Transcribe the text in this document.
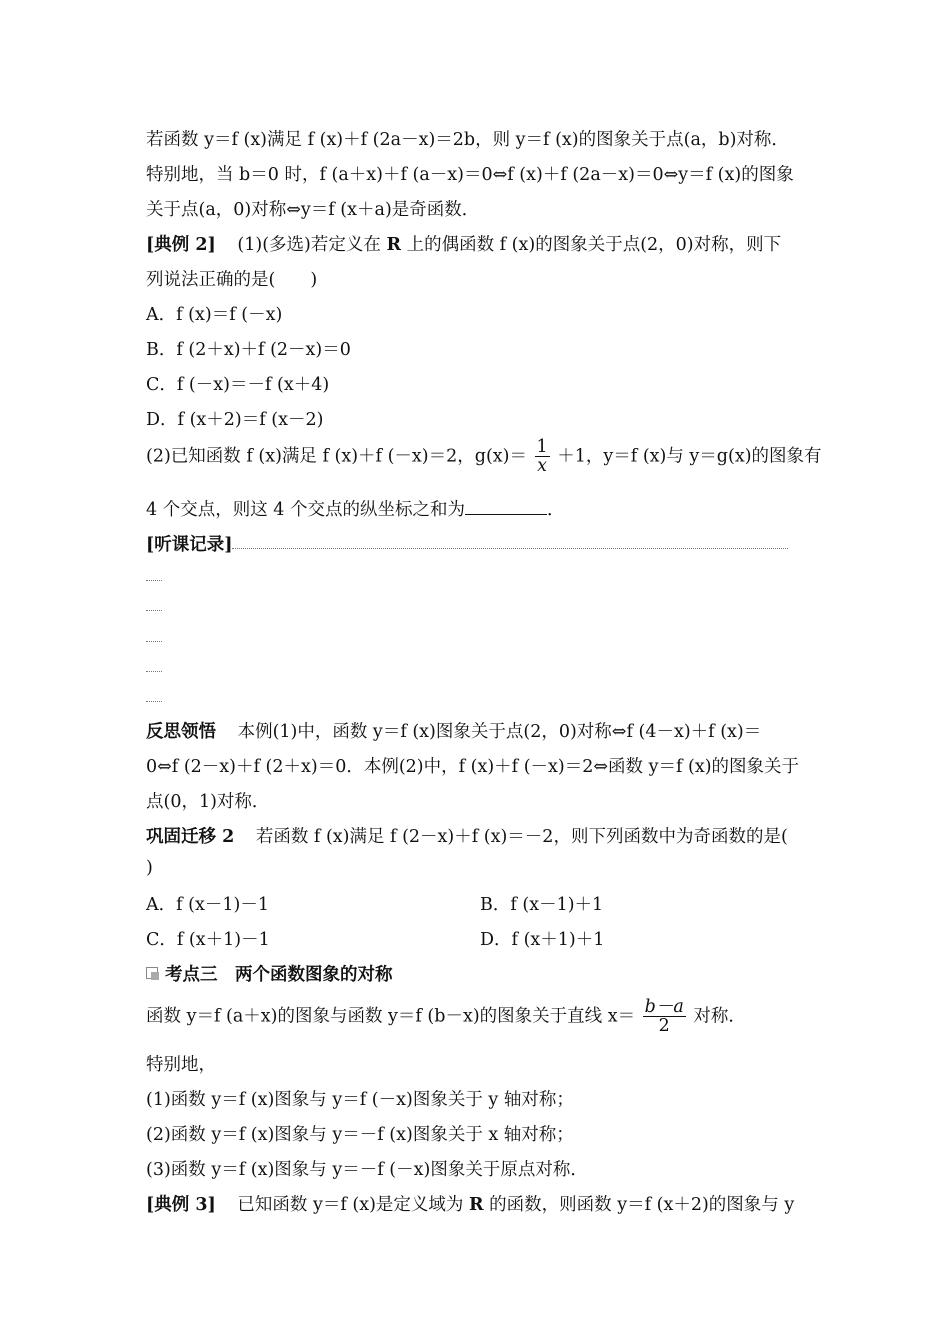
若函数 y＝f (x)满足 f (x)＋f (2a－x)＝2b，则 y＝f (x)的图象关于点(a，b)对称．
特别地，当 b＝0 时，f (a＋x)＋f (a－x)＝0⇔f (x)＋f (2a－x)＝0⇔y＝f (x)的图象
关于点(a，0)对称⇔y＝f (x＋a)是奇函数．
[典例 2] (1)(多选)若定义在 R 上的偶函数 f (x)的图象关于点(2，0)对称，则下
列说法正确的是(　　)
A．f (x)＝f (－x)
B．f (2＋x)＋f (2－x)＝0
C．f (－x)＝－f (x＋4)
D．f (x＋2)＝f (x－2)
(2)已知函数 f (x)满足 f (x)＋f (－x)＝2，$g(x)= \frac{1}{x} +1$，y＝f (x)与 y＝g(x)的图象有
4 个交点，则这 4 个交点的纵坐标之和为	．
[听课记录]
反思领悟 本例(1)中，函数 y＝f (x)图象关于点(2，0)对称⇔f (4－x)＋f (x)＝
0⇔f (2－x)＋f (2＋x)＝0．本例(2)中，f (x)＋f (－x)＝2⇔函数 y＝f (x)的图象关于
点(0，1)对称．
巩固迁移 2 若函数 f (x)满足 f (2－x)＋f (x)＝－2，则下列函数中为奇函数的是(
)
A．f (x－1)－1	B．f (x－1)＋1
C．f (x＋1)－1	D．f (x＋1)＋1
考点三　两个函数图象的对称
函数 y＝f (a＋x)的图象与函数 y＝f (b－x)的图象关于直线 $x= \frac{b-a}{2}$ 对称．
特别地，
(1)函数 y＝f (x)图象与 y＝f (－x)图象关于 y 轴对称；
(2)函数 y＝f (x)图象与 y＝－f (x)图象关于 x 轴对称；
(3)函数 y＝f (x)图象与 y＝－f (－x)图象关于原点对称．
[典例 3] 已知函数 y＝f (x)是定义域为 R 的函数，则函数 y＝f (x＋2)的图象与 y
